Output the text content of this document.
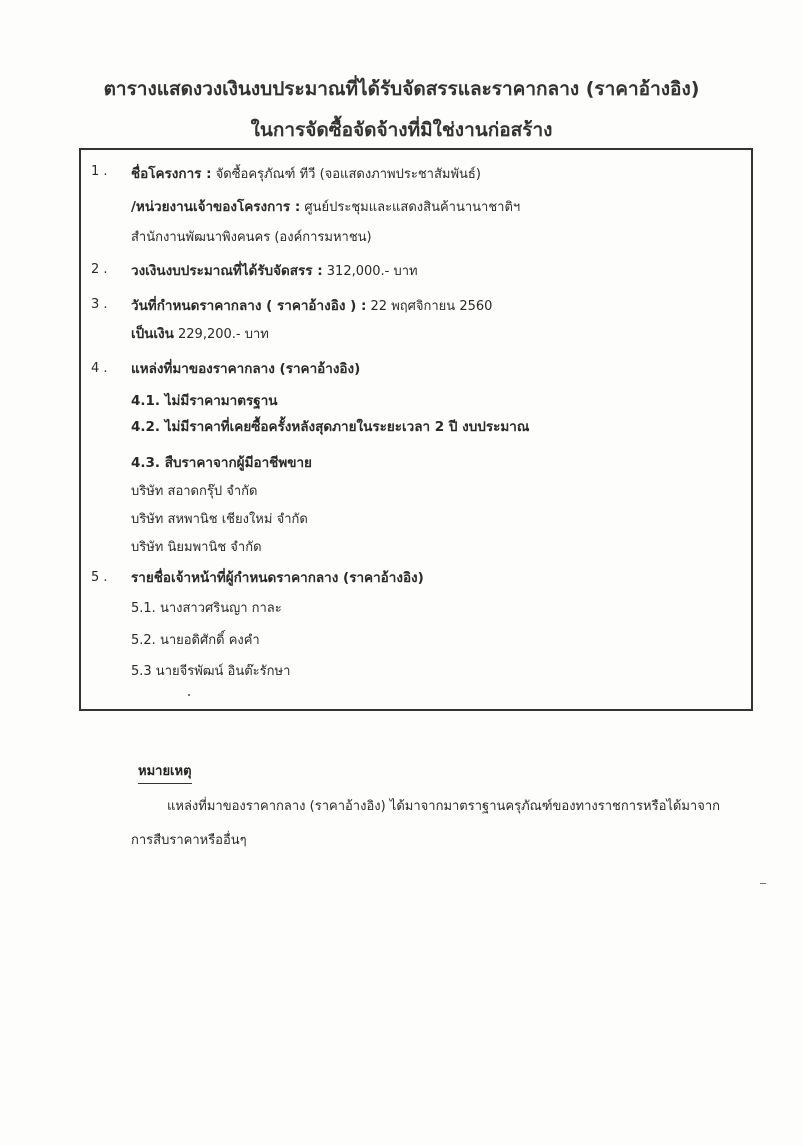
ตารางแสดงวงเงินงบประมาณที่ได้รับจัดสรรและราคากลาง (ราคาอ้างอิง)
ในการจัดซื้อจัดจ้างที่มิใช่งานก่อสร้าง
1 . ชื่อโครงการ : จัดซื้อครุภัณฑ์ ทีวี (จอแสดงภาพประชาสัมพันธ์)
/หน่วยงานเจ้าของโครงการ : ศูนย์ประชุมและแสดงสินค้านานาชาติฯ
สำนักงานพัฒนาพิงคนคร (องค์การมหาชน)
2 . วงเงินงบประมาณที่ได้รับจัดสรร : 312,000.- บาท
3 . วันที่กำหนดราคากลาง ( ราคาอ้างอิง ) : 22 พฤศจิกายน 2560
เป็นเงิน 229,200.- บาท
4 . แหล่งที่มาของราคากลาง (ราคาอ้างอิง)
4.1. ไม่มีราคามาตรฐาน
4.2. ไม่มีราคาที่เคยซื้อครั้งหลังสุดภายในระยะเวลา 2 ปี งบประมาณ
4.3. สืบราคาจากผู้มีอาชีพขาย
บริษัท สอาดกรุ๊ป จำกัด
บริษัท สหพานิช เชียงใหม่ จำกัด
บริษัท นิยมพานิช จำกัด
5 . รายชื่อเจ้าหน้าที่ผู้กำหนดราคากลาง (ราคาอ้างอิง)
5.1. นางสาวศรินญา กาละ
5.2. นายอดิศักดิ์ คงคำ
5.3 นายจีรพัฒน์ อินต๊ะรักษา
หมายเหตุ
แหล่งที่มาของราคากลาง (ราคาอ้างอิง) ได้มาจากมาตราฐานครุภัณฑ์ของทางราชการหรือได้มาจาก
การสืบราคาหรืออื่นๆ
